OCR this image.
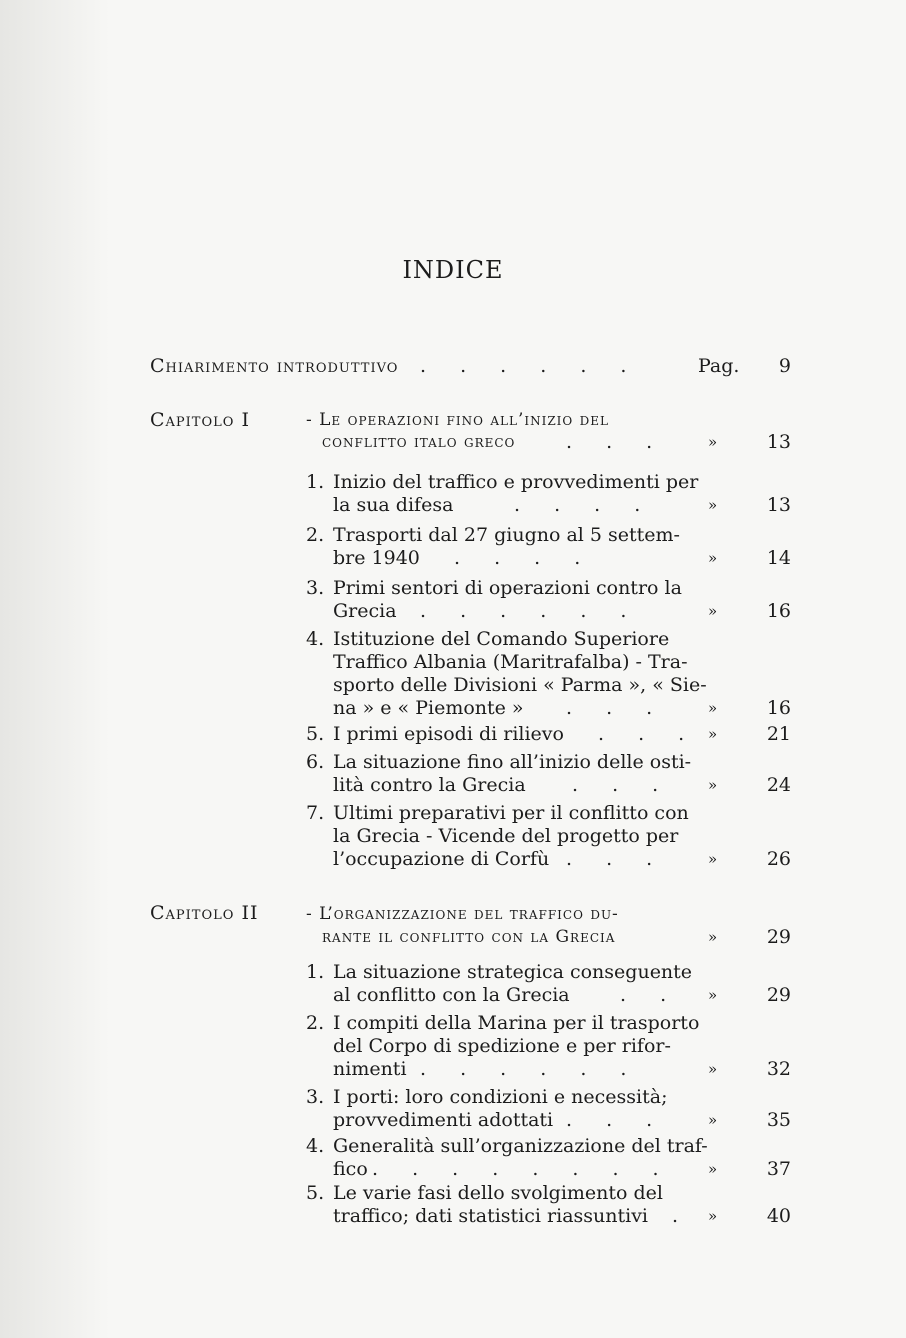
INDICE
Chiarimento introduttivo . . . . . .	Pag. 9
Capitolo I	- Le operazioni fino all’inizio del
conflitto italo greco	. . .	»	13
1. Inizio del traffico e provvedimenti per
la sua difesa	. . . .	»	13
2. Trasporti dal 27 giugno al 5 settem-
bre 1940 . . . .	»	14
3. Primi sentori di operazioni contro la
Grecia . . . . . .	»	16
4. Istituzione del Comando Superiore
Traffico Albania (Maritrafalba) - Tra-
sporto delle Divisioni « Parma », « Sie-
na » e « Piemonte » . . .	»	16
5. I primi episodi di rilievo . . . »	21
6. La situazione fino all’inizio delle osti-
lità contro la Grecia . . . »	24
7. Ultimi preparativi per il conflitto con
la Grecia - Vicende del progetto per
l’occupazione di Corfù . . .	»	26
Capitolo II	- L’organizzazione del traffico du-
rante il conflitto con la Grecia	»	29
1. La situazione strategica conseguente
al conflitto con la Grecia	. . »	29
2. I compiti della Marina per il trasporto
del Corpo di spedizione e per rifor-
nimenti . . . . . .	»	32
3. I porti: loro condizioni e necessità;
provvedimenti adottati . . .	»	35
4. Generalità sull’organizzazione del traf-
fico . . . . . . . . »	37
5. Le varie fasi dello svolgimento del
traffico; dati statistici riassuntivi . »	40
